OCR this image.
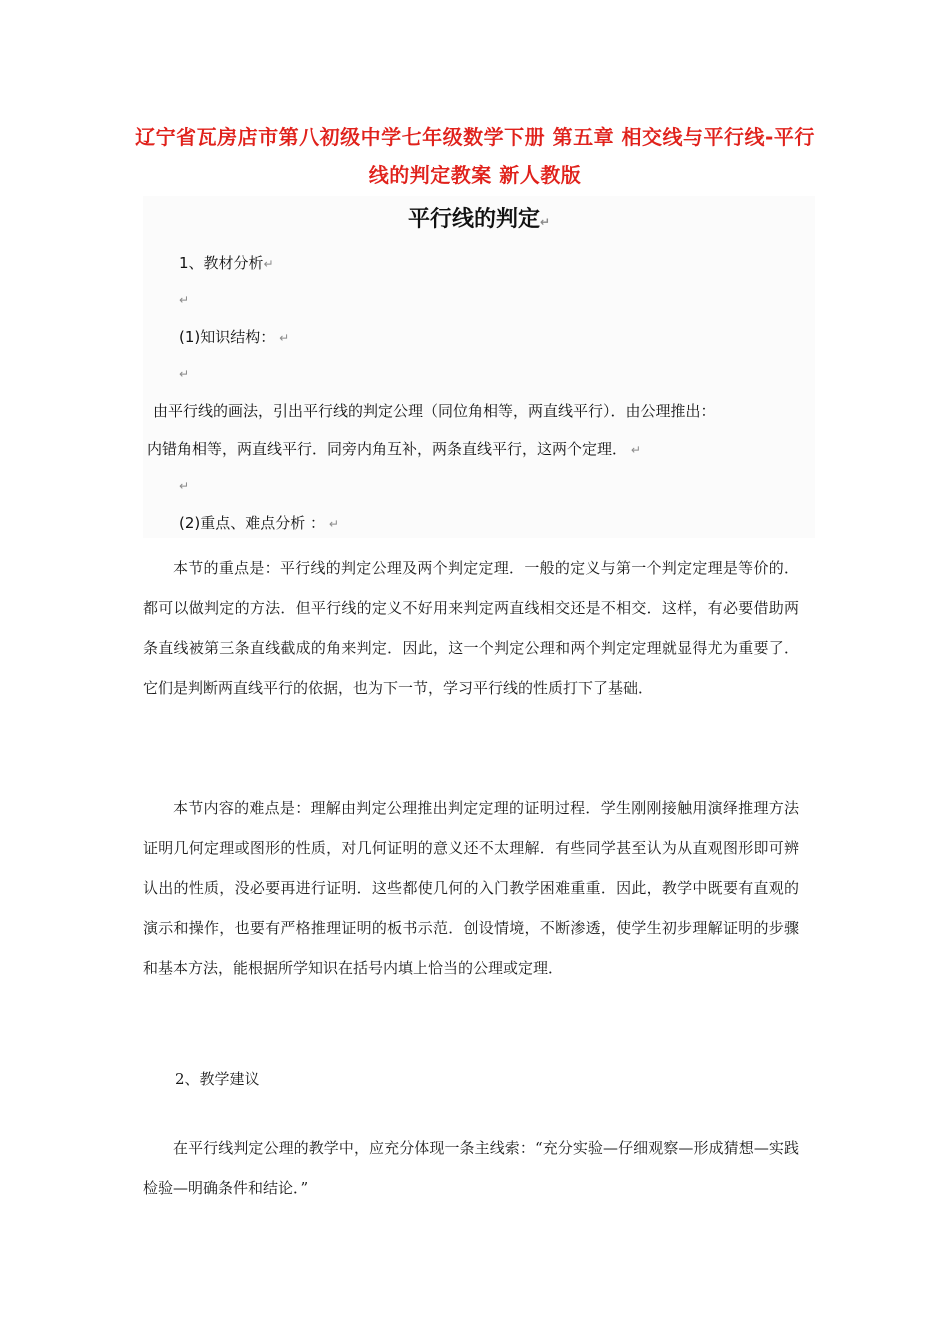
辽宁省瓦房店市第八初级中学七年级数学下册 第五章 相交线与平行线-平行线的判定教案 新人教版
平行线的判定↵
1、教材分析↵
↵
(1)知识结构： ↵
↵
由平行线的画法，引出平行线的判定公理（同位角相等，两直线平行）．由公理推出：
内错角相等，两直线平行．同旁内角互补，两条直线平行，这两个定理． ↵
↵
(2)重点、难点分析 ： ↵

本节的重点是：平行线的判定公理及两个判定定理．一般的定义与第一个判定定理是等价的．都可以做判定的方法．但平行线的定义不好用来判定两直线相交还是不相交．这样，有必要借助两条直线被第三条直线截成的角来判定．因此，这一个判定公理和两个判定定理就显得尤为重要了．它们是判断两直线平行的依据，也为下一节，学习平行线的性质打下了基础．

本节内容的难点是：理解由判定公理推出判定定理的证明过程．学生刚刚接触用演绎推理方法证明几何定理或图形的性质，对几何证明的意义还不太理解．有些同学甚至认为从直观图形即可辨认出的性质，没必要再进行证明．这些都使几何的入门教学困难重重．因此，教学中既要有直观的演示和操作，也要有严格推理证明的板书示范．创设情境，不断渗透，使学生初步理解证明的步骤和基本方法，能根据所学知识在括号内填上恰当的公理或定理．

2、教学建议

在平行线判定公理的教学中，应充分体现一条主线索：“充分实验—仔细观察—形成猜想—实践检验—明确条件和结论．”
